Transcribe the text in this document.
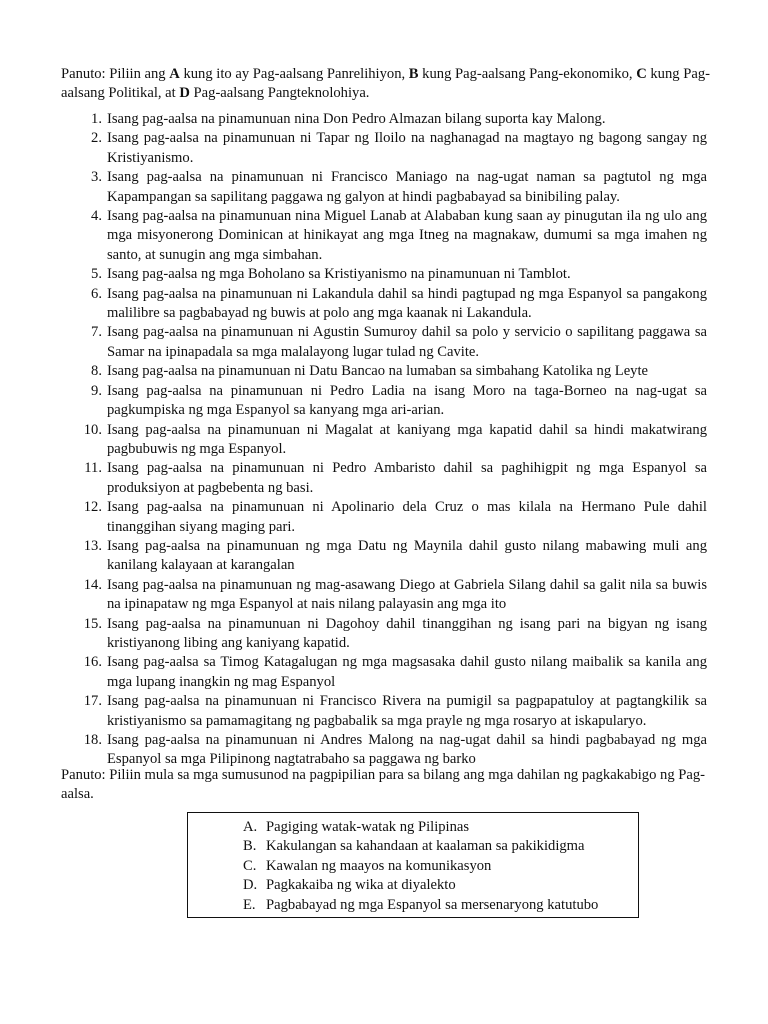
Panuto: Piliin ang A kung ito ay Pag-aalsang Panrelihiyon, B kung Pag-aalsang Pang-ekonomiko, C kung Pag-aalsang Politikal, at D Pag-aalsang Pangteknolohiya.

1. Isang pag-aalsa na pinamunuan nina Don Pedro Almazan bilang suporta kay Malong.
2. Isang pag-aalsa na pinamunuan ni Tapar ng Iloilo na naghanagad na magtayo ng bagong sangay ng Kristiyanismo.
3. Isang pag-aalsa na pinamunuan ni Francisco Maniago na nag-ugat naman sa pagtutol ng mga Kapampangan sa sapilitang paggawa ng galyon at hindi pagbabayad sa binibiling palay.
4. Isang pag-aalsa na pinamunuan nina Miguel Lanab at Alababan kung saan ay pinugutan ila ng ulo ang mga misyonerong Dominican at hinikayat ang mga Itneg na magnakaw, dumumi sa mga imahen ng santo, at sunugin ang mga simbahan.
5. Isang pag-aalsa ng mga Boholano sa Kristiyanismo na pinamunuan ni Tamblot.
6. Isang pag-aalsa na pinamunuan ni Lakandula dahil sa hindi pagtupad ng mga Espanyol sa pangakong malilibre sa pagbabayad ng buwis at polo ang mga kaanak ni Lakandula.
7. Isang pag-aalsa na pinamunuan ni Agustin Sumuroy dahil sa polo y servicio o sapilitang paggawa sa Samar na ipinapadala sa mga malalayong lugar tulad ng Cavite.
8. Isang pag-aalsa na pinamunuan ni Datu Bancao na lumaban sa simbahang Katolika ng Leyte
9. Isang pag-aalsa na pinamunuan ni Pedro Ladia na isang Moro na taga-Borneo na nag-ugat sa pagkumpiska ng mga Espanyol sa kanyang mga ari-arian.
10. Isang pag-aalsa na pinamunuan ni Magalat at kaniyang mga kapatid dahil sa hindi makatwirang pagbubuwis ng mga Espanyol.
11. Isang pag-aalsa na pinamunuan ni Pedro Ambaristo dahil sa paghihigpit ng mga Espanyol sa produksiyon at pagbebenta ng basi.
12. Isang pag-aalsa na pinamunuan ni Apolinario dela Cruz o mas kilala na Hermano Pule dahil tinanggihan siyang maging pari.
13. Isang pag-aalsa na pinamunuan ng mga Datu ng Maynila dahil gusto nilang mabawing muli ang kanilang kalayaan at karangalan
14. Isang pag-aalsa na pinamunuan ng mag-asawang Diego at Gabriela Silang dahil sa galit nila sa buwis na ipinapataw ng mga Espanyol at nais nilang palayasin ang mga ito
15. Isang pag-aalsa na pinamunuan ni Dagohoy dahil tinanggihan ng isang pari na bigyan ng isang kristiyanong libing ang kaniyang kapatid.
16. Isang pag-aalsa sa Timog Katagalugan ng mga magsasaka dahil gusto nilang maibalik sa kanila ang mga lupang inangkin ng mag Espanyol
17. Isang pag-aalsa na pinamunuan ni Francisco Rivera na pumigil sa pagpapatuloy at pagtangkilik sa kristiyanismo sa pamamagitang ng pagbabalik sa mga prayle ng mga rosaryo at iskapularyo.
18. Isang pag-aalsa na pinamunuan ni Andres Malong na nag-ugat dahil sa hindi pagbabayad ng mga Espanyol sa mga Pilipinong nagtatrabaho sa paggawa ng barko

Panuto: Piliin mula sa mga sumusunod na pagpipilian para sa bilang ang mga dahilan ng pagkakabigo ng Pag-aalsa.

A. Pagiging watak-watak ng Pilipinas
B. Kakulangan sa kahandaan at kaalaman sa pakikidigma
C. Kawalan ng maayos na komunikasyon
D. Pagkakaiba ng wika at diyalekto
E. Pagbabayad ng mga Espanyol sa mersenaryong katutubo
